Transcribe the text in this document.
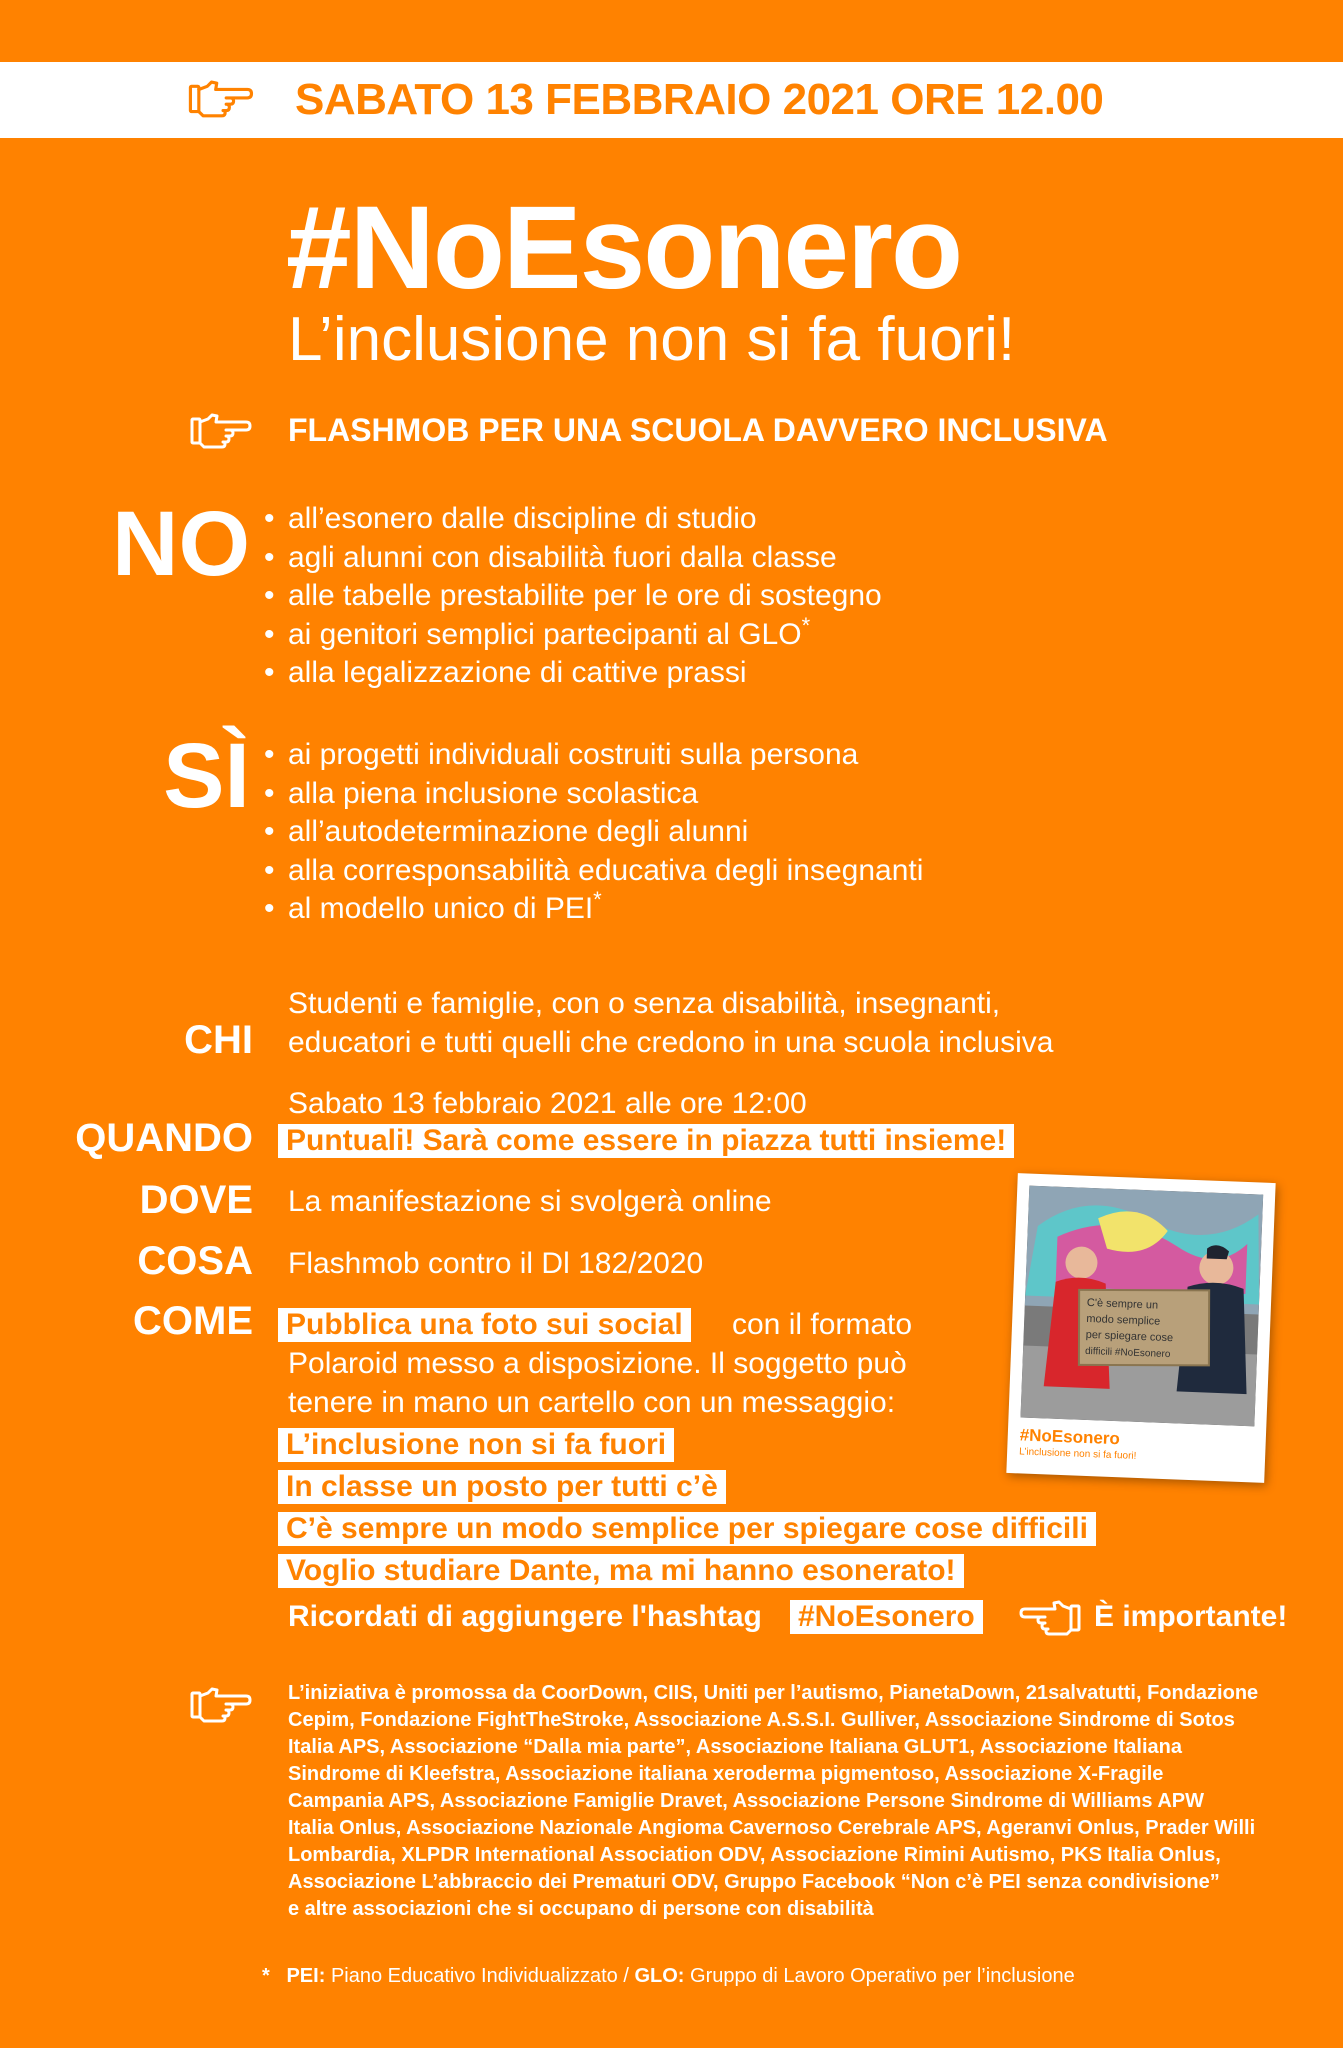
SABATO 13 FEBBRAIO 2021 ORE 12.00
#NoEsonero
L’inclusione non si fa fuori!
FLASHMOB PER UNA SCUOLA DAVVERO INCLUSIVA
NO	• all’esonero dalle discipline di studio
• agli alunni con disabilità fuori dalla classe
• alle tabelle prestabilite per le ore di sostegno
• ai genitori semplici partecipanti al GLO*
• alla legalizzazione di cattive prassi
SÌ	• ai progetti individuali costruiti sulla persona
• alla piena inclusione scolastica
• all’autodeterminazione degli alunni
• alla corresponsabilità educativa degli insegnanti
• al modello unico di PEI*
CHI
Studenti e famiglie, con o senza disabilità, insegnanti,
educatori e tutti quelli che credono in una scuola inclusiva
QUANDO
Sabato 13 febbraio 2021 alle ore 12:00
Puntuali! Sarà come essere in piazza tutti insieme!
DOVE La manifestazione si svolgerà online
COSA Flashmob contro il Dl 182/2020
COME Pubblica una foto sui social con il formato
Polaroid messo a disposizione. Il soggetto può
tenere in mano un cartello con un messaggio:
L’inclusione non si fa fuori
In classe un posto per tutti c’è
C’è sempre un modo semplice per spiegare cose difficili
Voglio studiare Dante, ma mi hanno esonerato!
Ricordati di aggiungere l'hashtag #NoEsonero	È importante!
C'è sempre un
modo semplice
per spiegare cose
difficili #NoEsonero
#NoEsonero
L’inclusione non si fa fuori!

L’iniziativa è promossa da CoorDown, CIIS, Uniti per l’autismo, PianetaDown, 21salvatutti, Fondazione

Cepim, Fondazione FightTheStroke, Associazione A.S.S.I. Gulliver, Associazione Sindrome di Sotos

Italia APS, Associazione “Dalla mia parte”, Associazione Italiana GLUT1, Associazione Italiana

Sindrome di Kleefstra, Associazione italiana xeroderma pigmentoso, Associazione X-Fragile

Campania APS, Associazione Famiglie Dravet, Associazione Persone Sindrome di Williams APW

Italia Onlus, Associazione Nazionale Angioma Cavernoso Cerebrale APS, Ageranvi Onlus, Prader Willi

Lombardia, XLPDR International Association ODV, Associazione Rimini Autismo, PKS Italia Onlus,

Associazione L’abbraccio dei Prematuri ODV, Gruppo Facebook “Non c’è PEI senza condivisione”

e altre associazioni che si occupano di persone con disabilità

* PEI: Piano Educativo Individualizzato / GLO: Gruppo di Lavoro Operativo per l’inclusione
